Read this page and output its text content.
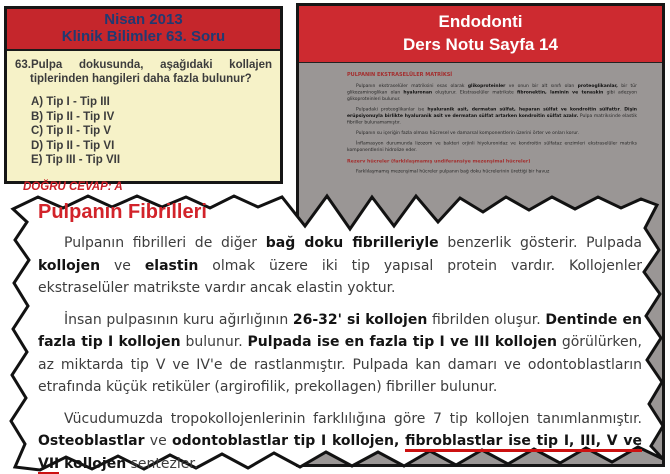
Nisan 2013
Klinik Bilimler 63. Soru

63.Pulpa dokusunda, aşağıdaki kollajen tiplerinden hangileri daha fazla bulunur?

A) Tip I - Tip III
B) Tip II - Tip IV
C) Tip II - Tip V
D) Tip II - Tip VI
E) Tip III - Tip VII

DOĞRU CEVAP: A

Endodonti
Ders Notu Sayfa 14
PULPANIN EKSTRASELÜLER MATRİKSİ

Pulpanın ekstraselüler matriksini esas olarak glikoproteinler ve onun bir alt sınıfı olan proteoglikanlar, bir tür glikozaminoglikan olan hyaluronan oluşturur. Ekstraselüler matrikste fibronektin, laminin ve tenaskin gibi adezyon glikoproteinleri bulunur.

Pulpadaki proteoglikanlar ise hyaluranik asit, dermatan sülfat, heparan sülfat ve kondroitin sülfattır. Dişin erüpsiyonuyla birlikte hyaluranik asit ve dermatan sülfat artarken kondroitin sülfat azalır. Pulpa matriksinde elastik fibriller bulunamamıştır.

Pulpanın su içeriğin fazla olması hücresel ve damarsal komponentlerin üzerini örter ve onları korur.

İnflamasyon durumunda lizozom ve bakteri orjinli hiyoluronidaz ve kondroitin sülfataz enzimleri ekstraselüler matriks komponentlerini hidrolize eder.

Rezerv hücreler (farklılaşmamış undiferansiye mezenşimal hücreler)

Farklılaşmamış mezenşimal hücreler pulpanın bağ doku hücrelerinin ürettiği bir havuz

Pulpanın Fibrilleri

Pulpanın fibrilleri de diğer bağ doku fibrilleriyle benzerlik gösterir. Pulpada kollojen ve elastin olmak üzere iki tip yapısal protein vardır. Kollojenler ekstraselüler matrikste vardır ancak elastin yoktur.

İnsan pulpasının kuru ağırlığının 26-32' si kollojen fibrilden oluşur. Dentinde en fazla tip I kollojen bulunur. Pulpada ise en fazla tip I ve III kollojen görülürken, az miktarda tip V ve IV'e de rastlanmıştır. Pulpada kan damarı ve odontoblastların etrafında küçük retiküler (argirofilik, prekollagen) fibriller bulunur.

Vücudumuzda tropokollojenlerinin farklılığına göre 7 tip kollojen tanımlanmıştır. Osteoblastlar ve odontoblastlar tip I kollojen, fibroblastlar ise tip I, III, V ve VII kollojen sentezler.
